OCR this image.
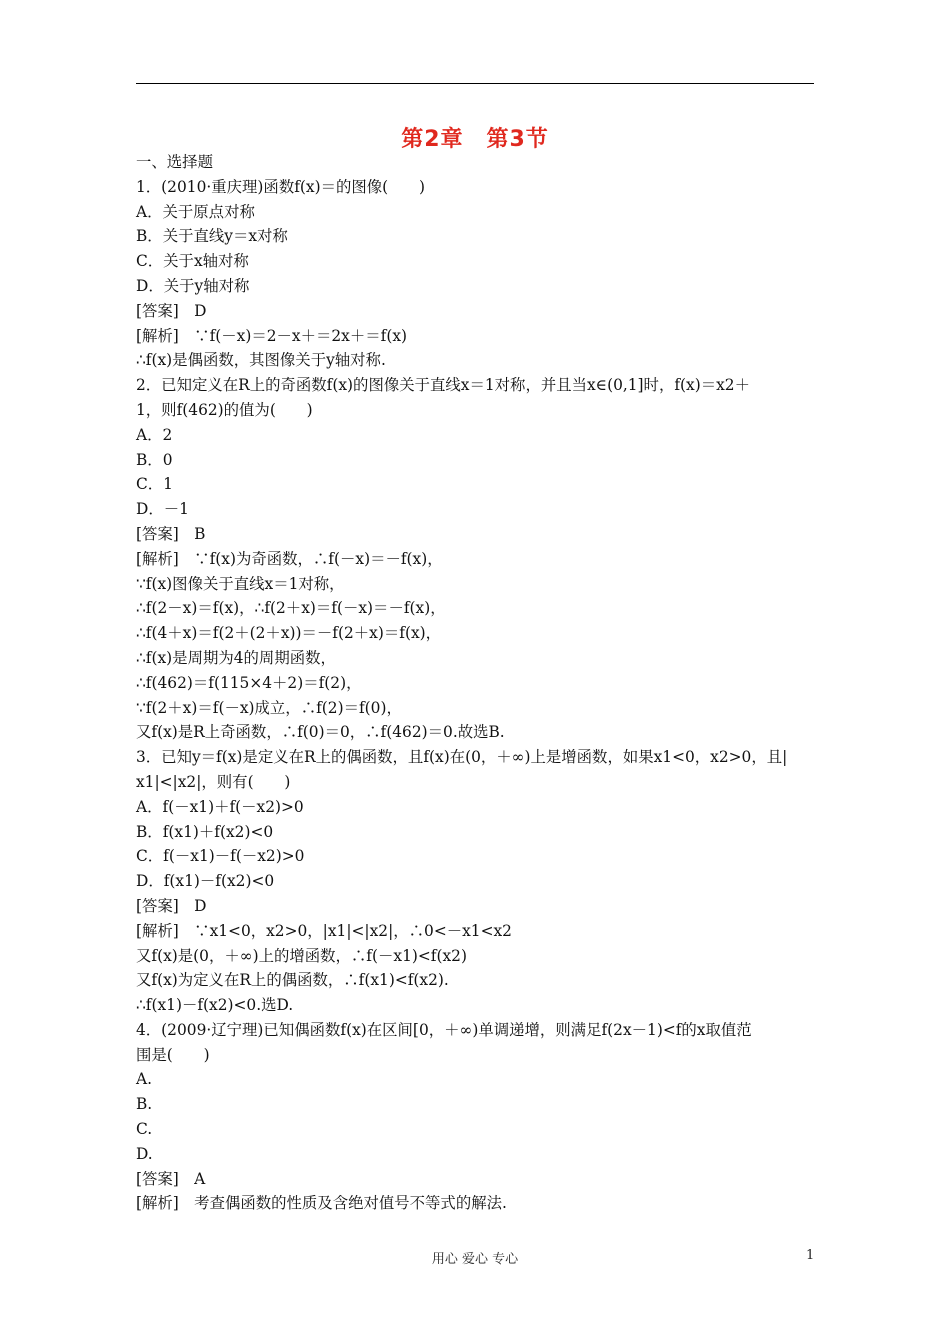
第2章　第3节
一、选择题
1．(2010·重庆理)函数f(x)＝的图像(　　)
A．关于原点对称
B．关于直线y＝x对称
C．关于x轴对称
D．关于y轴对称
[答案]　D
[解析]　∵f(－x)＝2－x＋＝2x＋＝f(x)
∴f(x)是偶函数，其图像关于y轴对称.
2．已知定义在R上的奇函数f(x)的图像关于直线x＝1对称，并且当x∈(0,1]时，f(x)＝x2＋
1，则f(462)的值为(　　)
A．2
B．0
C．1
D．－1
[答案]　B
[解析]　∵f(x)为奇函数，∴f(－x)＝－f(x)，
∵f(x)图像关于直线x＝1对称，
∴f(2－x)＝f(x)，∴f(2＋x)＝f(－x)＝－f(x)，
∴f(4＋x)＝f(2＋(2＋x))＝－f(2＋x)＝f(x)，
∴f(x)是周期为4的周期函数，
∴f(462)＝f(115×4＋2)＝f(2)，
∵f(2＋x)＝f(－x)成立，∴f(2)＝f(0)，
又f(x)是R上奇函数，∴f(0)＝0，∴f(462)＝0.故选B.
3．已知y＝f(x)是定义在R上的偶函数，且f(x)在(0，＋∞)上是增函数，如果x1<0，x2>0，且|
x1|<|x2|，则有(　　)
A．f(－x1)＋f(－x2)>0
B．f(x1)＋f(x2)<0
C．f(－x1)－f(－x2)>0
D．f(x1)－f(x2)<0
[答案]　D
[解析]　∵x1<0，x2>0，|x1|<|x2|，∴0<－x1<x2
又f(x)是(0，＋∞)上的增函数，∴f(－x1)<f(x2)
又f(x)为定义在R上的偶函数，∴f(x1)<f(x2).
∴f(x1)－f(x2)<0.选D.
4．(2009·辽宁理)已知偶函数f(x)在区间[0，＋∞)单调递增，则满足f(2x－1)<f的x取值范
围是(　　)
A.
B.
C.
D.
[答案]　A
[解析]　考查偶函数的性质及含绝对值号不等式的解法.
用心 爱心 专心	1
